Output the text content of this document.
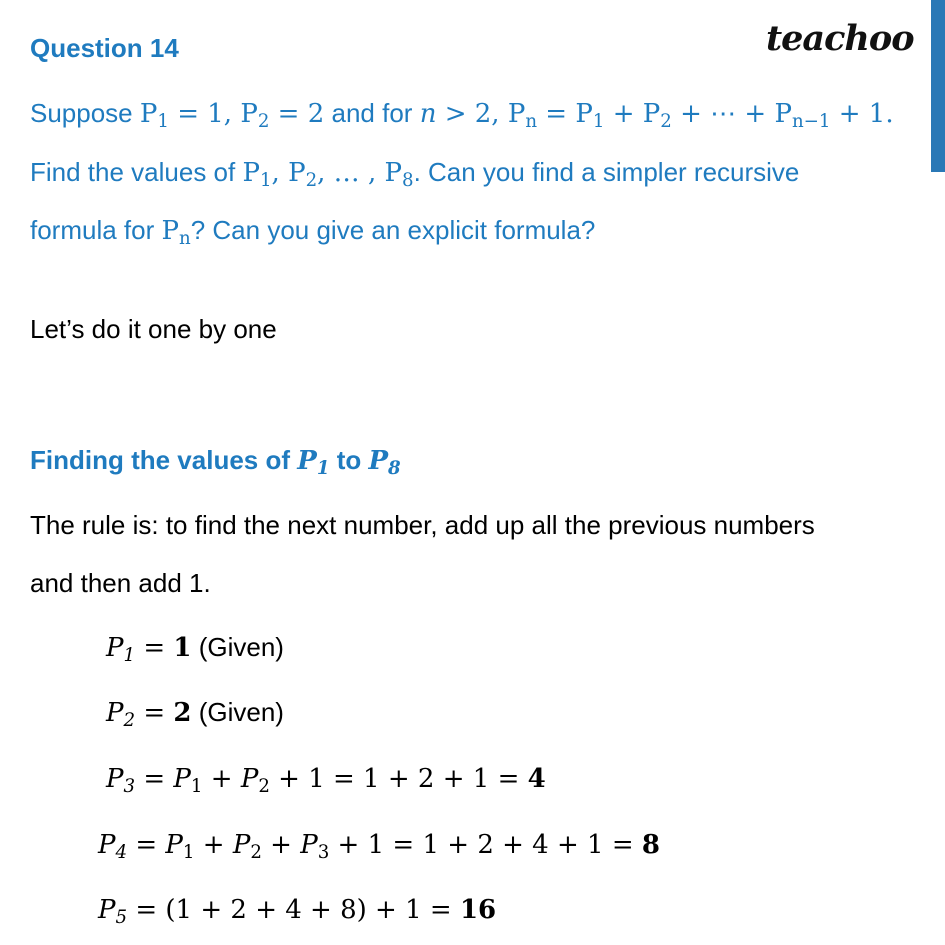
Question 14	teachoo
Suppose $P_1 = 1$, $P_2 = 2$ and for n > 2, $P_n = P_1 + P_2$ + ⋯ + $P_{n-1} + 1$.
Find the values of $P_1$, $P_2$, … , $P_8$. Can you find a simpler recursive
formula for $P_n$? Can you give an explicit formula?
Let’s do it one by one
Finding the values of $P_1$ to $P_8$
The rule is: to find the next number, add up all the previous numbers
and then add 1.
$P_1 = 1$ (Given)
$P_2 = 2$ (Given)
$P_3 = P_1 + P_2 + 1 = 1 + 2 + 1 = 4$
$P_4 = P_1 + P_2 + P_3 + 1 = 1 + 2 + 4 + 1 = 8$
$P_5 = (1 + 2 + 4 + 8) + 1 = 16$
